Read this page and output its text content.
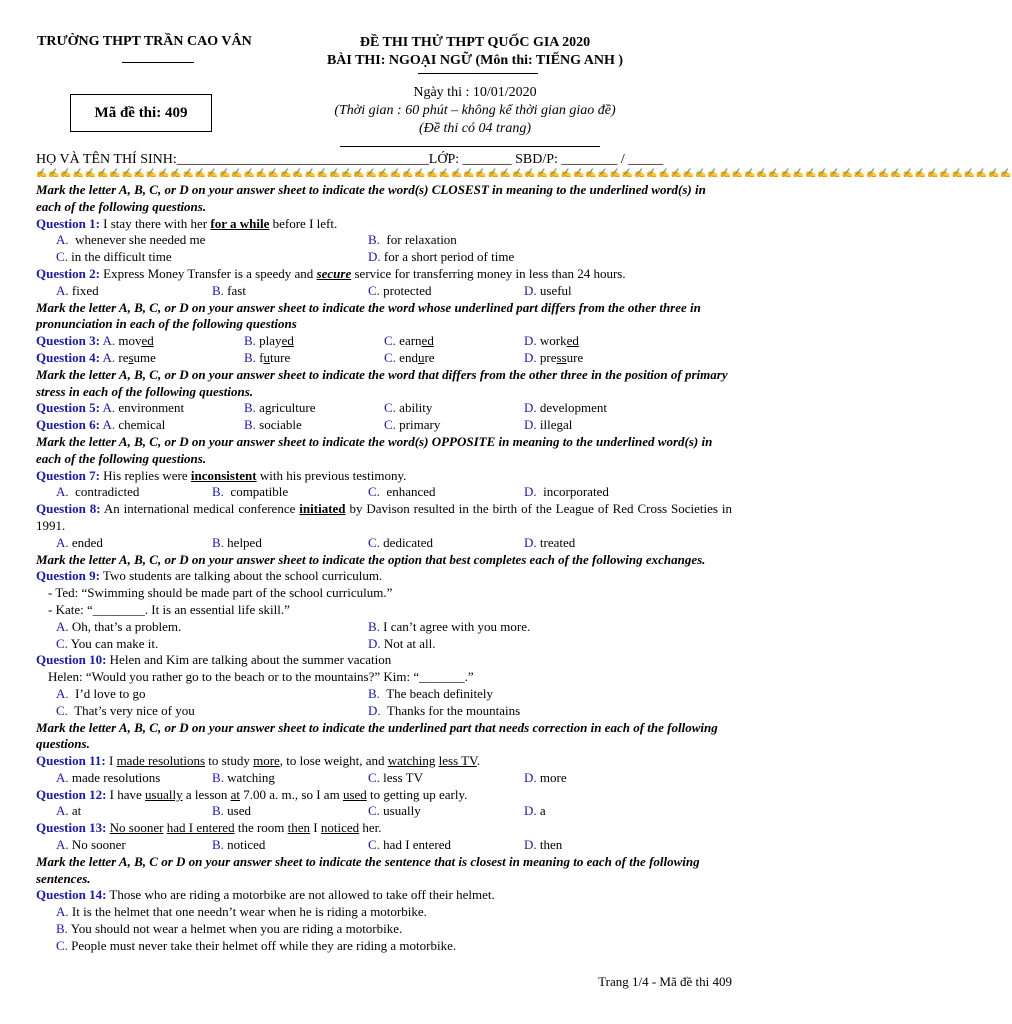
TRƯỜNG THPT TRẦN CAO VÂN	ĐỀ THI THỬ THPT QUỐC GIA 2020
BÀI THI: NGOẠI NGỮ (Môn thi: TIẾNG ANH )
Mã đề thi: 409
Ngày thi : 10/01/2020
(Thời gian : 60 phút – không kể thời gian giao đề)
(Đề thi có 04 trang)
HỌ VÀ TÊN THÍ SINH:____________________________________LỚP: _______ SBD/P: ________ / _____
✍✍✍✍✍✍✍✍✍✍✍✍✍✍✍✍✍✍✍✍✍✍✍✍✍✍✍✍✍✍✍✍✍✍✍✍✍✍✍✍✍✍✍✍✍✍✍✍✍✍✍✍✍✍✍✍✍✍✍✍✍✍✍✍✍✍✍✍✍✍✍✍✍✍✍✍✍✍✍✍
Mark the letter A, B, C, or D on your answer sheet to indicate the word(s) CLOSEST in meaning to the underlined word(s) in each of the following questions.
Question 1: I stay there with her for a while before I left.
A. whenever she needed me	B. for relaxation
C. in the difficult time	D. for a short period of time
Question 2: Express Money Transfer is a speedy and secure service for transferring money in less than 24 hours.
A. fixed	B. fast	C. protected	D. useful
Mark the letter A, B, C, or D on your answer sheet to indicate the word whose underlined part differs from the other three in pronunciation in each of the following questions
Question 3: A. moved	B. played	C. earned	D. worked
Question 4: A. resume	B. future	C. endure	D. pressure
Mark the letter A, B, C, or D on your answer sheet to indicate the word that differs from the other three in the position of primary stress in each of the following questions.
Question 5: A. environment	B. agriculture	C. ability	D. development
Question 6: A. chemical	B. sociable	C. primary	D. illegal
Mark the letter A, B, C, or D on your answer sheet to indicate the word(s) OPPOSITE in meaning to the underlined word(s) in each of the following questions.
Question 7: His replies were inconsistent with his previous testimony.
A. contradicted	B. compatible	C. enhanced	D. incorporated
Question 8: An international medical conference initiated by Davison resulted in the birth of the League of Red Cross Societies in 1991.
A. ended	B. helped	C. dedicated	D. treated
Mark the letter A, B, C, or D on your answer sheet to indicate the option that best completes each of the following exchanges.
Question 9: Two students are talking about the school curriculum.
- Ted: “Swimming should be made part of the school curriculum.”
- Kate: “________. It is an essential life skill.”
A. Oh, that’s a problem.	B. I can’t agree with you more.
C. You can make it.	D. Not at all.
Question 10: Helen and Kim are talking about the summer vacation
Helen: “Would you rather go to the beach or to the mountains?” Kim: “_______.”
A. I’d love to go	B. The beach definitely
C. That’s very nice of you	D. Thanks for the mountains
Mark the letter A, B, C, or D on your answer sheet to indicate the underlined part that needs correction in each of the following questions.
Question 11: I made resolutions to study more, to lose weight, and watching less TV.
A. made resolutions	B. watching	C. less TV	D. more
Question 12: I have usually a lesson at 7.00 a. m., so I am used to getting up early.
A. at	B. used	C. usually	D. a
Question 13: No sooner had I entered the room then I noticed her.
A. No sooner	B. noticed	C. had I entered	D. then
Mark the letter A, B, C or D on your answer sheet to indicate the sentence that is closest in meaning to each of the following sentences.
Question 14: Those who are riding a motorbike are not allowed to take off their helmet.
A. It is the helmet that one needn’t wear when he is riding a motorbike.
B. You should not wear a helmet when you are riding a motorbike.
C. People must never take their helmet off while they are riding a motorbike.
Trang 1/4 - Mã đề thi 409
